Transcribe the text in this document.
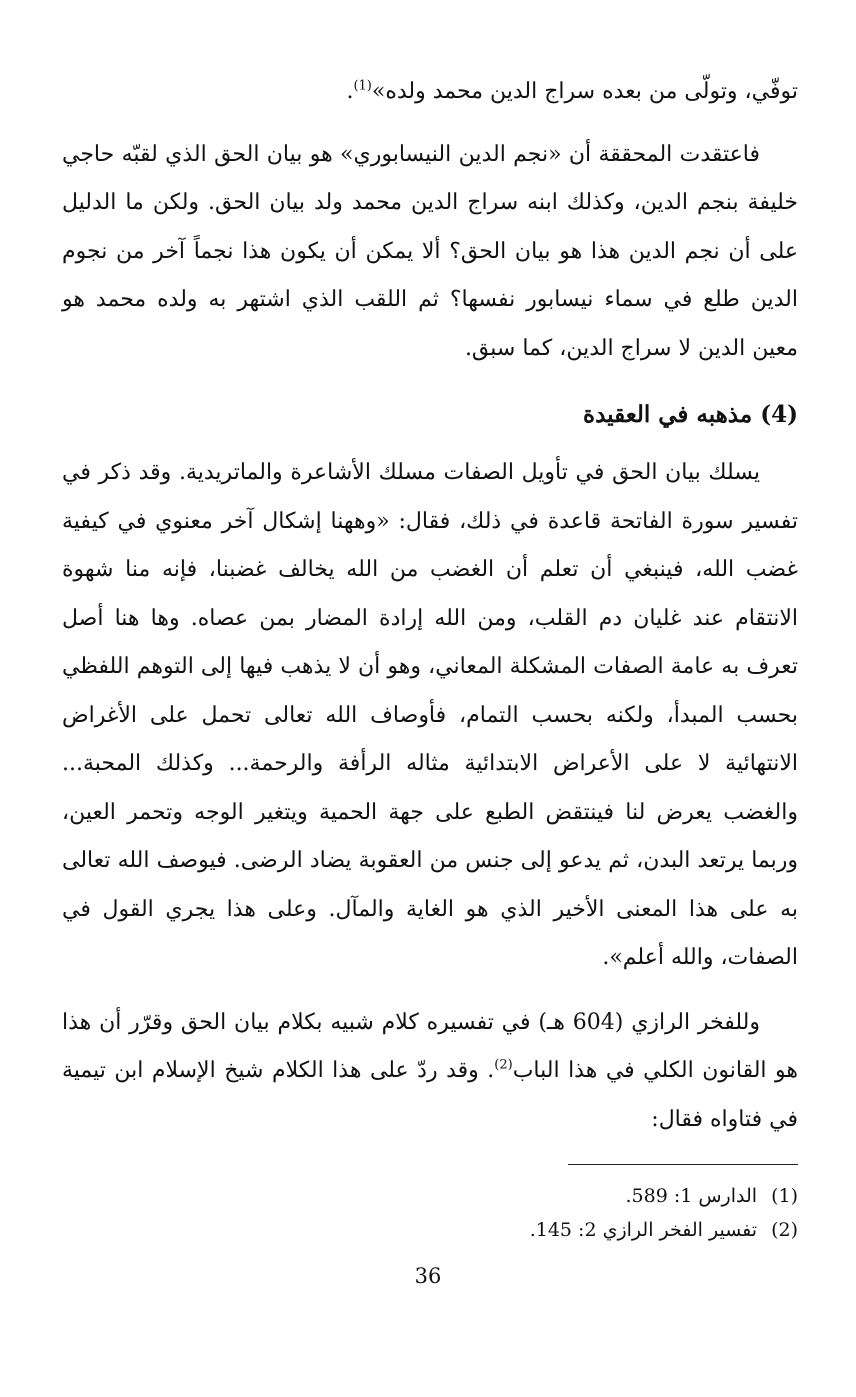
توفّي، وتولّى من بعده سراج الدين محمد ولده»$^{(1)}$.

فاعتقدت المحققة أن «نجم الدين النيسابوري» هو بيان الحق الذي لقبّه حاجي خليفة بنجم الدين، وكذلك ابنه سراج الدين محمد ولد بيان الحق. ولكن ما الدليل على أن نجم الدين هذا هو بيان الحق؟ ألا يمكن أن يكون هذا نجماً آخر من نجوم الدين طلع في سماء نيسابور نفسها؟ ثم اللقب الذي اشتهر به ولده محمد هو معين الدين لا سراج الدين، كما سبق.

(4) مذهبه في العقيدة

يسلك بيان الحق في تأويل الصفات مسلك الأشاعرة والماتريدية. وقد ذكر في تفسير سورة الفاتحة قاعدة في ذلك، فقال: «وههنا إشكال آخر معنوي في كيفية غضب الله، فينبغي أن تعلم أن الغضب من الله يخالف غضبنا، فإنه منا شهوة الانتقام عند غليان دم القلب، ومن الله إرادة المضار بمن عصاه. وها هنا أصل تعرف به عامة الصفات المشكلة المعاني، وهو أن لا يذهب فيها إلى التوهم اللفظي بحسب المبدأ، ولكنه بحسب التمام، فأوصاف الله تعالى تحمل على الأغراض الانتهائية لا على الأعراض الابتدائية مثاله الرأفة والرحمة... وكذلك المحبة... والغضب يعرض لنا فينتقض الطبع على جهة الحمية ويتغير الوجه وتحمر العين، وربما يرتعد البدن، ثم يدعو إلى جنس من العقوبة يضاد الرضى. فيوصف الله تعالى به على هذا المعنى الأخير الذي هو الغاية والمآل. وعلى هذا يجري القول في الصفات، والله أعلم».

وللفخر الرازي (604 هـ) في تفسيره كلام شبيه بكلام بيان الحق وقرّر أن هذا هو القانون الكلي في هذا الباب$^{(2)}$. وقد ردّ على هذا الكلام شيخ الإسلام ابن تيمية في فتاواه فقال:

(1)
الدارس 1: 589.
(2)
تفسير الفخر الرازي 2: 145.
36
